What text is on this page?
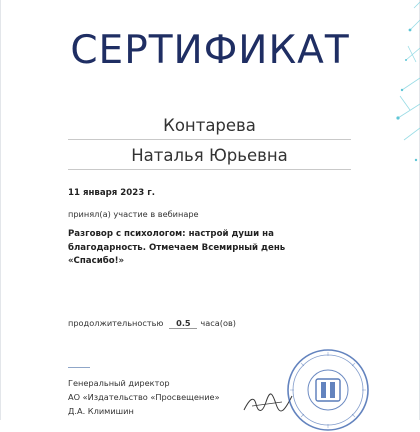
СЕРТИФИКАТ
Контарева
Наталья Юрьевна
11 января 2023 г.
принял(а) участие в вебинаре
Разговор с психологом: настрой души на благодарность. Отмечаем Всемирный день «Спасибо!»
продолжительностью	0.5	часа(ов)
Генеральный директор
АО «Издательство «Просвещение»
Д.А. Климишин
